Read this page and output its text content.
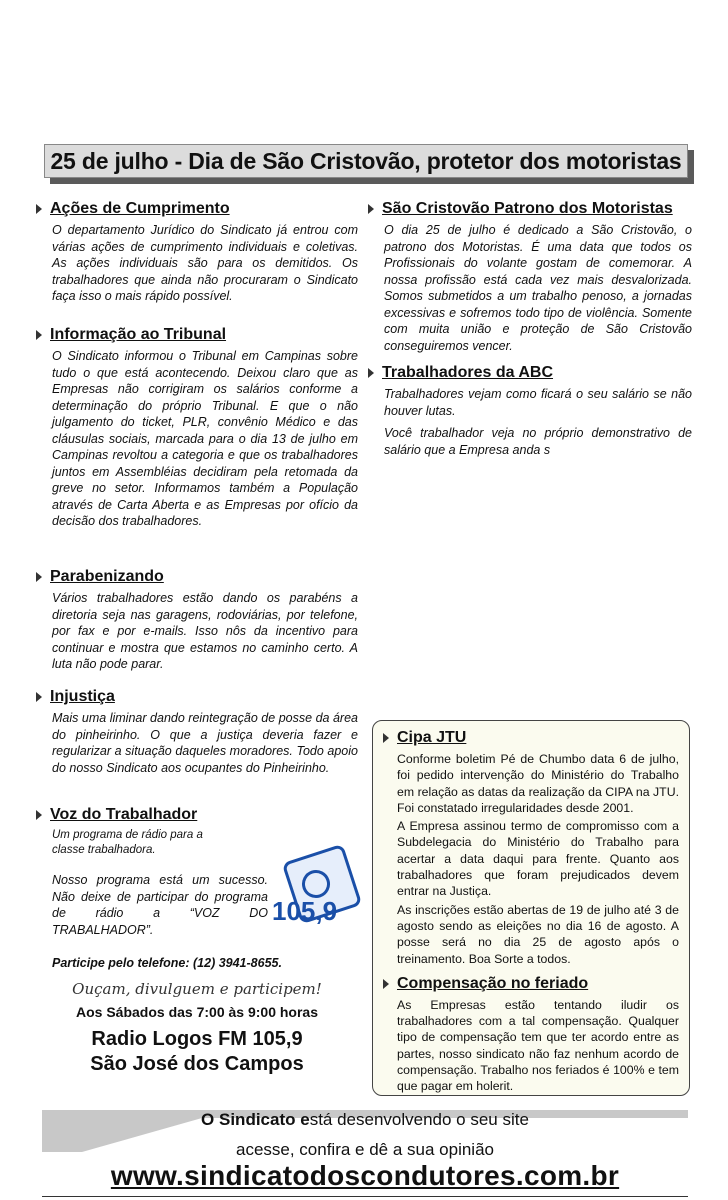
25 de julho - Dia de São Cristovão, protetor dos motoristas
Ações de Cumprimento

O departamento Jurídico do Sindicato já entrou com várias ações de cumprimento individuais e coletivas. As ações individuais são para os demitidos. Os trabalhadores que ainda não procuraram o Sindicato faça isso o mais rápido possível.

Informação ao Tribunal

O Sindicato informou o Tribunal em Campinas sobre tudo o que está acontecendo. Deixou claro que as Empresas não corrigiram os salários conforme a determinação do próprio Tribunal. E que o não julgamento do ticket, PLR, convênio Médico e das cláusulas sociais, marcada para o dia 13 de julho em Campinas revoltou a categoria e que os trabalhadores juntos em Assembléias decidiram pela retomada da greve no setor. Informamos também a População através de Carta Aberta e as Empresas por ofício da decisão dos trabalhadores.

Parabenizando

Vários trabalhadores estão dando os parabéns a diretoria seja nas garagens, rodoviárias, por telefone, por fax e por e-mails. Isso nôs da incentivo para continuar e mostra que estamos no caminho certo. A luta não pode parar.

Injustiça

Mais uma liminar dando reintegração de posse da área do pinheirinho. O que a justiça deveria fazer e regularizar a situação daqueles moradores. Todo apoio do nosso Sindicato aos ocupantes do Pinheirinho.

Voz do Trabalhador

Um programa de rádio para a classe trabalhadora.

Nosso programa está um sucesso. Não deixe de participar do programa de rádio a “VOZ DO TRABALHADOR”.

Participe pelo telefone: (12) 3941-8655.
Ouçam, divulguem e participem!
Aos Sábados das 7:00 às 9:00 horas
Radio Logos FM 105,9
São José dos Campos
105,9
São Cristovão Patrono dos Motoristas

O dia 25 de julho é dedicado a São Cristovão, o patrono dos Motoristas. É uma data que todos os Profissionais do volante gostam de comemorar. A nossa profissão está cada vez mais desvalorizada. Somos submetidos a um trabalho penoso, a jornadas excessivas e sofremos todo tipo de violência. Somente com muita união e proteção de São Cristovão conseguiremos vencer.

Trabalhadores da ABC

Trabalhadores vejam como ficará o seu salário se não houver lutas.

Você trabalhador veja no próprio demonstrativo de salário que a Empresa anda s

Cipa JTU

Conforme boletim Pé de Chumbo data 6 de julho, foi pedido intervenção do Ministério do Trabalho em relação as datas da realização da CIPA na JTU. Foi constatado irregularidades desde 2001.

A Empresa assinou termo de compromisso com a Subdelegacia do Ministério do Trabalho para acertar a data daqui para frente. Quanto aos trabalhadores que foram prejudicados devem entrar na Justiça.

As inscrições estão abertas de 19 de julho até 3 de agosto sendo as eleições no dia 16 de agosto. A posse será no dia 25 de agosto após o treinamento. Boa Sorte a todos.

Compensação no feriado

As Empresas estão tentando iludir os trabalhadores com a tal compensação. Qualquer tipo de compensação tem que ter acordo entre as partes, nosso sindicato não faz nenhum acordo de compensação. Trabalho nos feriados é 100% e tem que pagar em holerit.

O Sindicato está desenvolvendo o seu site
acesse, confira e dê a sua opinião
www.sindicatodoscondutores.com.br
